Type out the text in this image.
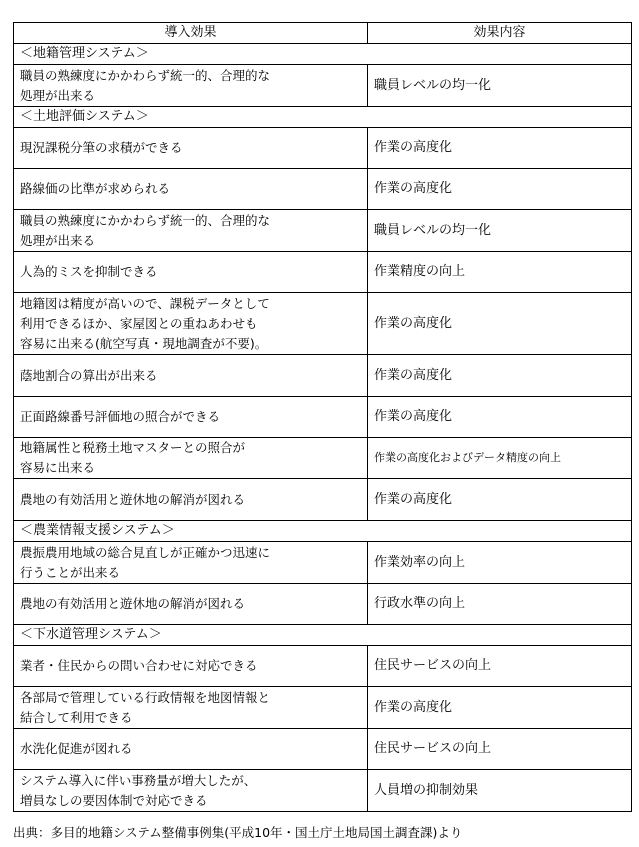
導入効果	効果内容
＜地籍管理システム＞	
職員の熟練度にかかわらず統一的、合理的な
処理が出来る	職員レベルの均一化
＜土地評価システム＞	
現況課税分筆の求積ができる	作業の高度化
路線価の比準が求められる	作業の高度化
職員の熟練度にかかわらず統一的、合理的な
処理が出来る	職員レベルの均一化
人為的ミスを抑制できる	作業精度の向上
地籍図は精度が高いので、課税データとして
利用できるほか、家屋図との重ねあわせも
容易に出来る(航空写真・現地調査が不要)。	作業の高度化
蔭地割合の算出が出来る	作業の高度化
正面路線番号評価地の照合ができる	作業の高度化
地籍属性と税務土地マスターとの照合が
容易に出来る	作業の高度化およびデータ精度の向上
農地の有効活用と遊休地の解消が図れる	作業の高度化
＜農業情報支援システム＞	
農振農用地域の総合見直しが正確かつ迅速に
行うことが出来る	作業効率の向上
農地の有効活用と遊休地の解消が図れる	行政水準の向上
＜下水道管理システム＞	
業者・住民からの問い合わせに対応できる	住民サービスの向上
各部局で管理している行政情報を地図情報と
結合して利用できる	作業の高度化
水洗化促進が図れる	住民サービスの向上
システム導入に伴い事務量が増大したが、
増員なしの要因体制で対応できる	人員増の抑制効果
出典：多目的地籍システム整備事例集(平成10年・国土庁土地局国土調査課)より
